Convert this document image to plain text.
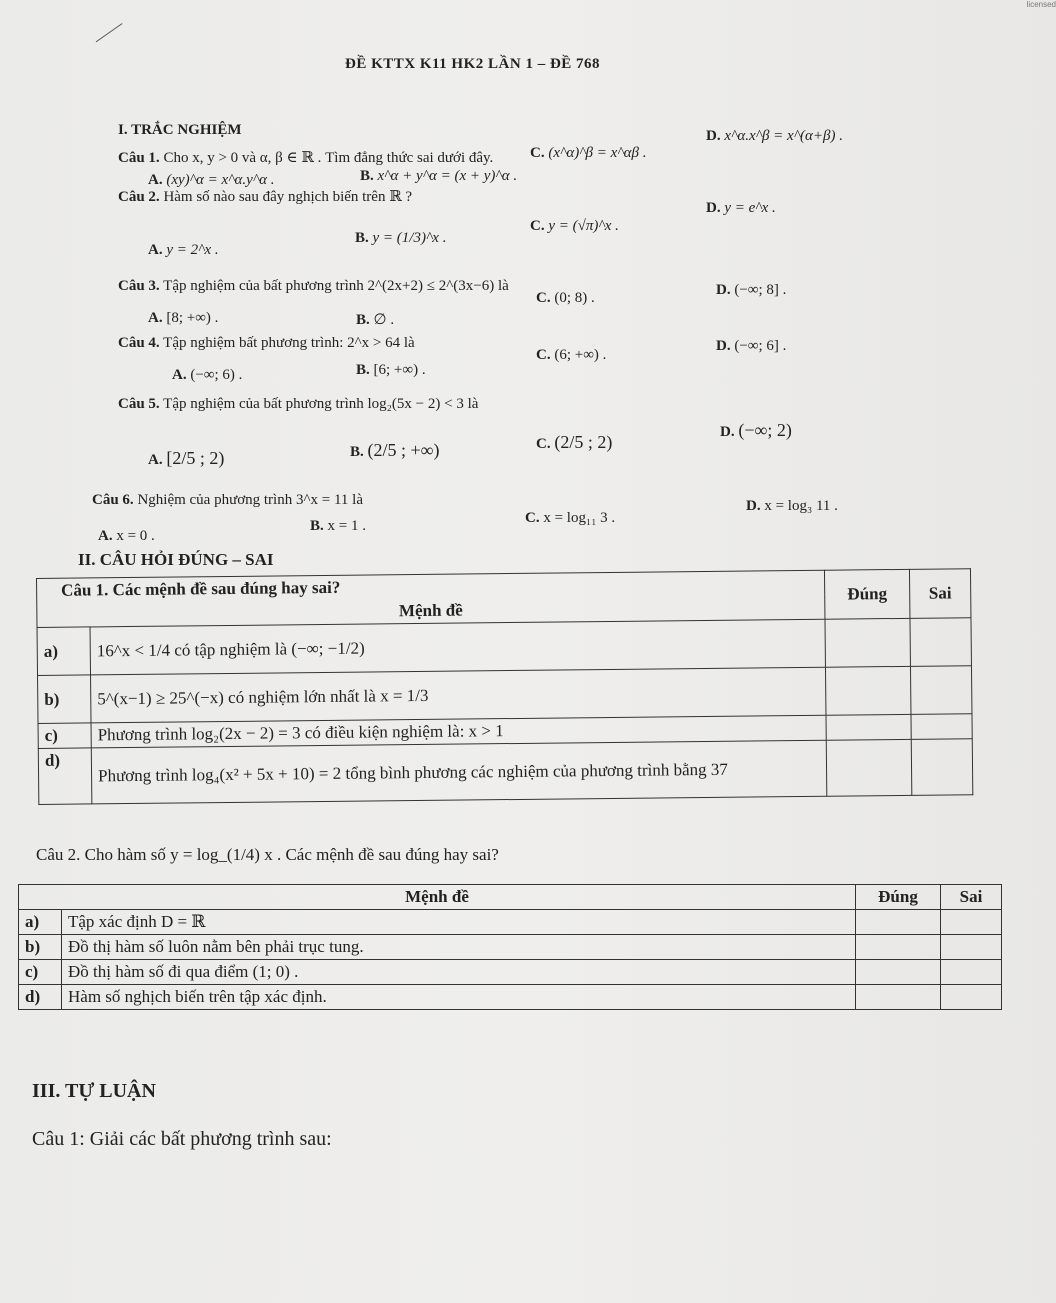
licensed
ĐỀ KTTX K11 HK2 LẦN 1 – ĐỀ 768
I. TRẮC NGHIỆM
Câu 1. Cho x, y > 0 và α, β ∈ ℝ . Tìm đẳng thức sai dưới đây.
A. (xy)^α = x^α.y^α .	B. x^α + y^α = (x + y)^α .
C. (x^α)^β = x^αβ .
D. x^α.x^β = x^(α+β) .
Câu 2. Hàm số nào sau đây nghịch biến trên ℝ ?
A. y = 2^x .
B. y = (1/3)^x .
C. y = (√π)^x .
D. y = e^x .
Câu 3. Tập nghiệm của bất phương trình 2^(2x+2) ≤ 2^(3x−6) là
A. [8; +∞) .	B. ∅ .
C. (0; 8) .	D. (−∞; 8] .
Câu 4. Tập nghiệm bất phương trình: 2^x > 64 là
A. (−∞; 6) .	B. [6; +∞) .
C. (6; +∞) .
D. (−∞; 6] .
Câu 5. Tập nghiệm của bất phương trình log₂(5x − 2) < 3 là
A. [2/5 ; 2)	B. (2/5 ; +∞)	C. (2/5 ; 2)	D. (−∞; 2)
Câu 6. Nghiệm của phương trình 3^x = 11 là
A. x = 0 .
B. x = 1 .	C. x = log₁₁ 3 .
D. x = log₃ 11 .
II. CÂU HỎI ĐÚNG – SAI
Câu 1. Các mệnh đề sau đúng hay sai?		Đúng	Sai
Mệnh đề			
a)	16^x < 1/4 có tập nghiệm là (−∞; −1/2)		
b)	5^(x−1) ≥ 25^(−x) có nghiệm lớn nhất là x = 1/3		
c)	Phương trình log₂(2x − 2) = 3 có điều kiện nghiệm là: x > 1		
d)	Phương trình log₄(x² + 5x + 10) = 2 tổng bình phương các nghiệm của phương trình bằng 37		
Câu 2. Cho hàm số y = log_(1/4) x . Các mệnh đề sau đúng hay sai?
Mệnh đề		Đúng	Sai
a)	Tập xác định D = ℝ		
b)	Đồ thị hàm số luôn nằm bên phải trục tung.		
c)	Đồ thị hàm số đi qua điểm (1; 0) .		
d)	Hàm số nghịch biến trên tập xác định.		
III. TỰ LUẬN
Câu 1: Giải các bất phương trình sau:
